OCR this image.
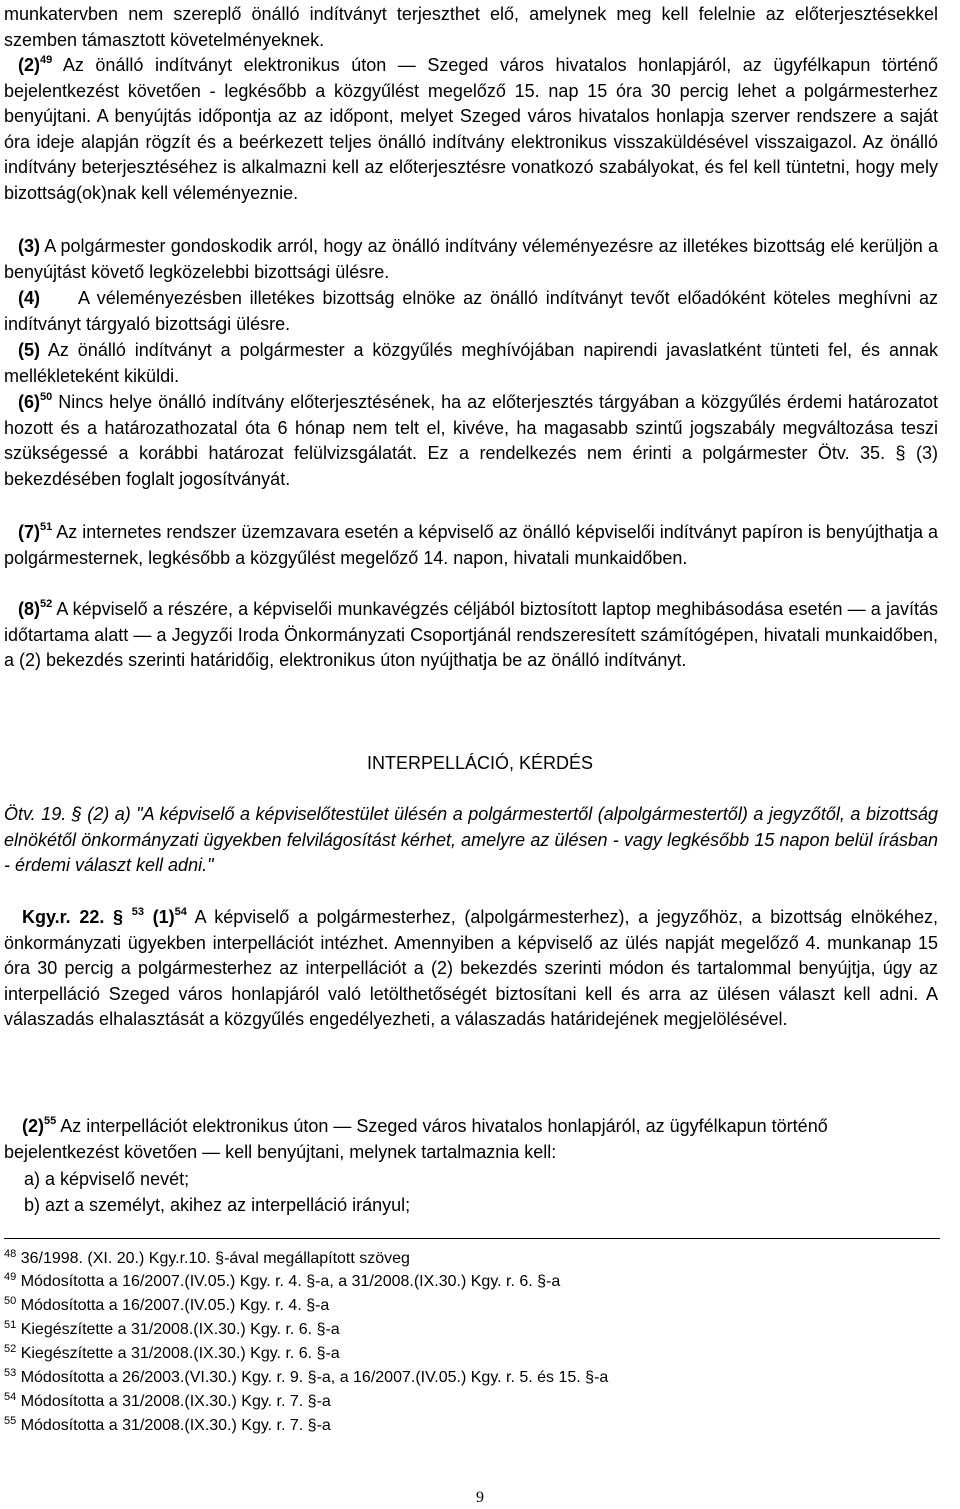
munkatervben nem szereplő önálló indítványt terjeszthet elő, amelynek meg kell felelnie az előterjesztésekkel szemben támasztott követelményeknek.

$(2)^{49}$ Az önálló indítványt elektronikus úton — Szeged város hivatalos honlapjáról, az ügyfélkapun történő bejelentkezést követően - legkésőbb a közgyűlést megelőző 15. nap 15 óra 30 percig lehet a polgármesterhez benyújtani. A benyújtás időpontja az az időpont, melyet Szeged város hivatalos honlapja szerver rendszere a saját óra ideje alapján rögzít és a beérkezett teljes önálló indítvány elektronikus visszaküldésével visszaigazol. Az önálló indítvány beterjesztéséhez is alkalmazni kell az előterjesztésre vonatkozó szabályokat, és fel kell tüntetni, hogy mely bizottság(ok)nak kell véleményeznie.

(3) A polgármester gondoskodik arról, hogy az önálló indítvány véleményezésre az illetékes bizottság elé kerüljön a benyújtást követő legközelebbi bizottsági ülésre.

(4)     A véleményezésben illetékes bizottság elnöke az önálló indítványt tevőt előadóként köteles meghívni az indítványt tárgyaló bizottsági ülésre.

(5) Az önálló indítványt a polgármester a közgyűlés meghívójában napirendi javaslatként tünteti fel, és annak mellékleteként kiküldi.

$(6)^{50}$ Nincs helye önálló indítvány előterjesztésének, ha az előterjesztés tárgyában a közgyűlés érdemi határozatot hozott és a határozathozatal óta 6 hónap nem telt el, kivéve, ha magasabb szintű jogszabály megváltozása teszi szükségessé a korábbi határozat felülvizsgálatát. Ez a rendelkezés nem érinti a polgármester Ötv. 35. § (3) bekezdésében foglalt jogosítványát.

$(7)^{51}$ Az internetes rendszer üzemzavara esetén a képviselő az önálló képviselői indítványt papíron is benyújthatja a polgármesternek, legkésőbb a közgyűlést megelőző 14. napon, hivatali munkaidőben.

$(8)^{52}$ A képviselő a részére, a képviselői munkavégzés céljából biztosított laptop meghibásodása esetén — a javítás időtartama alatt — a Jegyzői Iroda Önkormányzati Csoportjánál rendszeresített számítógépen, hivatali munkaidőben, a (2) bekezdés szerinti határidőig, elektronikus úton nyújthatja be az önálló indítványt.

INTERPELLÁCIÓ, KÉRDÉS

Ötv. 19. § (2) a) "A képviselő a képviselőtestület ülésén a polgármestertől (alpolgármestertől) a jegyzőtől, a bizottság elnökétől önkormányzati ügyekben felvilágosítást kérhet, amelyre az ülésen - vagy legkésőbb 15 napon belül írásban - érdemi választ kell adni."

Kgy.r. 22. § $^{53}$ $(1)^{54}$ A képviselő a polgármesterhez, (alpolgármesterhez), a jegyzőhöz, a bizottság elnökéhez, önkormányzati ügyekben interpellációt intézhet. Amennyiben a képviselő az ülés napját megelőző 4. munkanap 15 óra 30 percig a polgármesterhez az interpellációt a (2) bekezdés szerinti módon és tartalommal benyújtja, úgy az interpelláció Szeged város honlapjáról való letölthetőségét biztosítani kell és arra az ülésen választ kell adni. A válaszadás elhalasztását a közgyűlés engedélyezheti, a válaszadás határidejének megjelölésével.

$(2)^{55}$ Az interpellációt elektronikus úton — Szeged város hivatalos honlapjáról, az ügyfélkapun történő bejelentkezést követően — kell benyújtani, melynek tartalmaznia kell:

a) a képviselő nevét;
b) azt a személyt, akihez az interpelláció irányul;
$^{48}$ 36/1998. (XI. 20.) Kgy.r.10. §-ával megállapított szöveg
$^{49}$ Módosította a 16/2007.(IV.05.) Kgy. r. 4. §-a, a 31/2008.(IX.30.) Kgy. r. 6. §-a
$^{50}$ Módosította a 16/2007.(IV.05.) Kgy. r. 4. §-a
$^{51}$ Kiegészítette a 31/2008.(IX.30.) Kgy. r. 6. §-a
$^{52}$ Kiegészítette a 31/2008.(IX.30.) Kgy. r. 6. §-a
$^{53}$ Módosította a 26/2003.(VI.30.) Kgy. r. 9. §-a, a 16/2007.(IV.05.) Kgy. r. 5. és 15. §-a
$^{54}$ Módosította a 31/2008.(IX.30.) Kgy. r. 7. §-a
$^{55}$ Módosította a 31/2008.(IX.30.) Kgy. r. 7. §-a
9
